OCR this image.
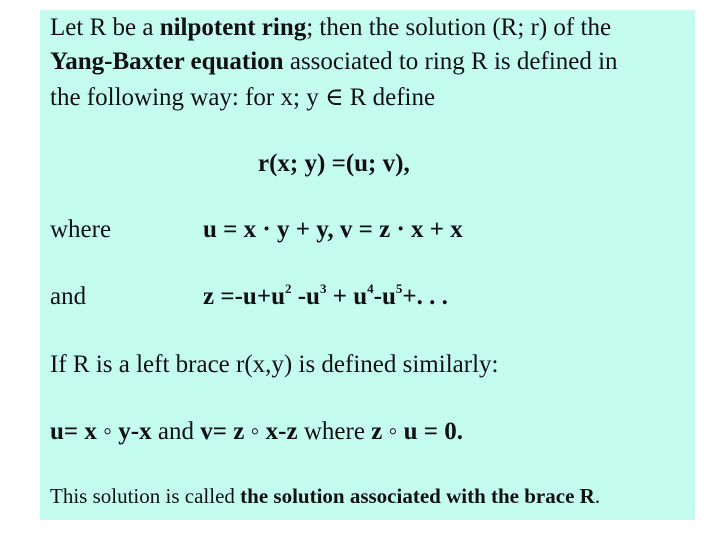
Let R be a nilpotent ring; then the solution (R; r) of the
Yang-Baxter equation associated to ring R is defined in
the following way: for x; y ∈ R define
r(x; y) =(u; v),
where	u = x · y + y, v = z · x + x
and	$z =-u+u^2$ $-u^3 + u^4-u^5+$. . .
If R is a left brace r(x,y) is defined similarly:
u= x ◦ y-x and v= z ◦ x-z where z ◦ u = 0.
This solution is called the solution associated with the brace R.
